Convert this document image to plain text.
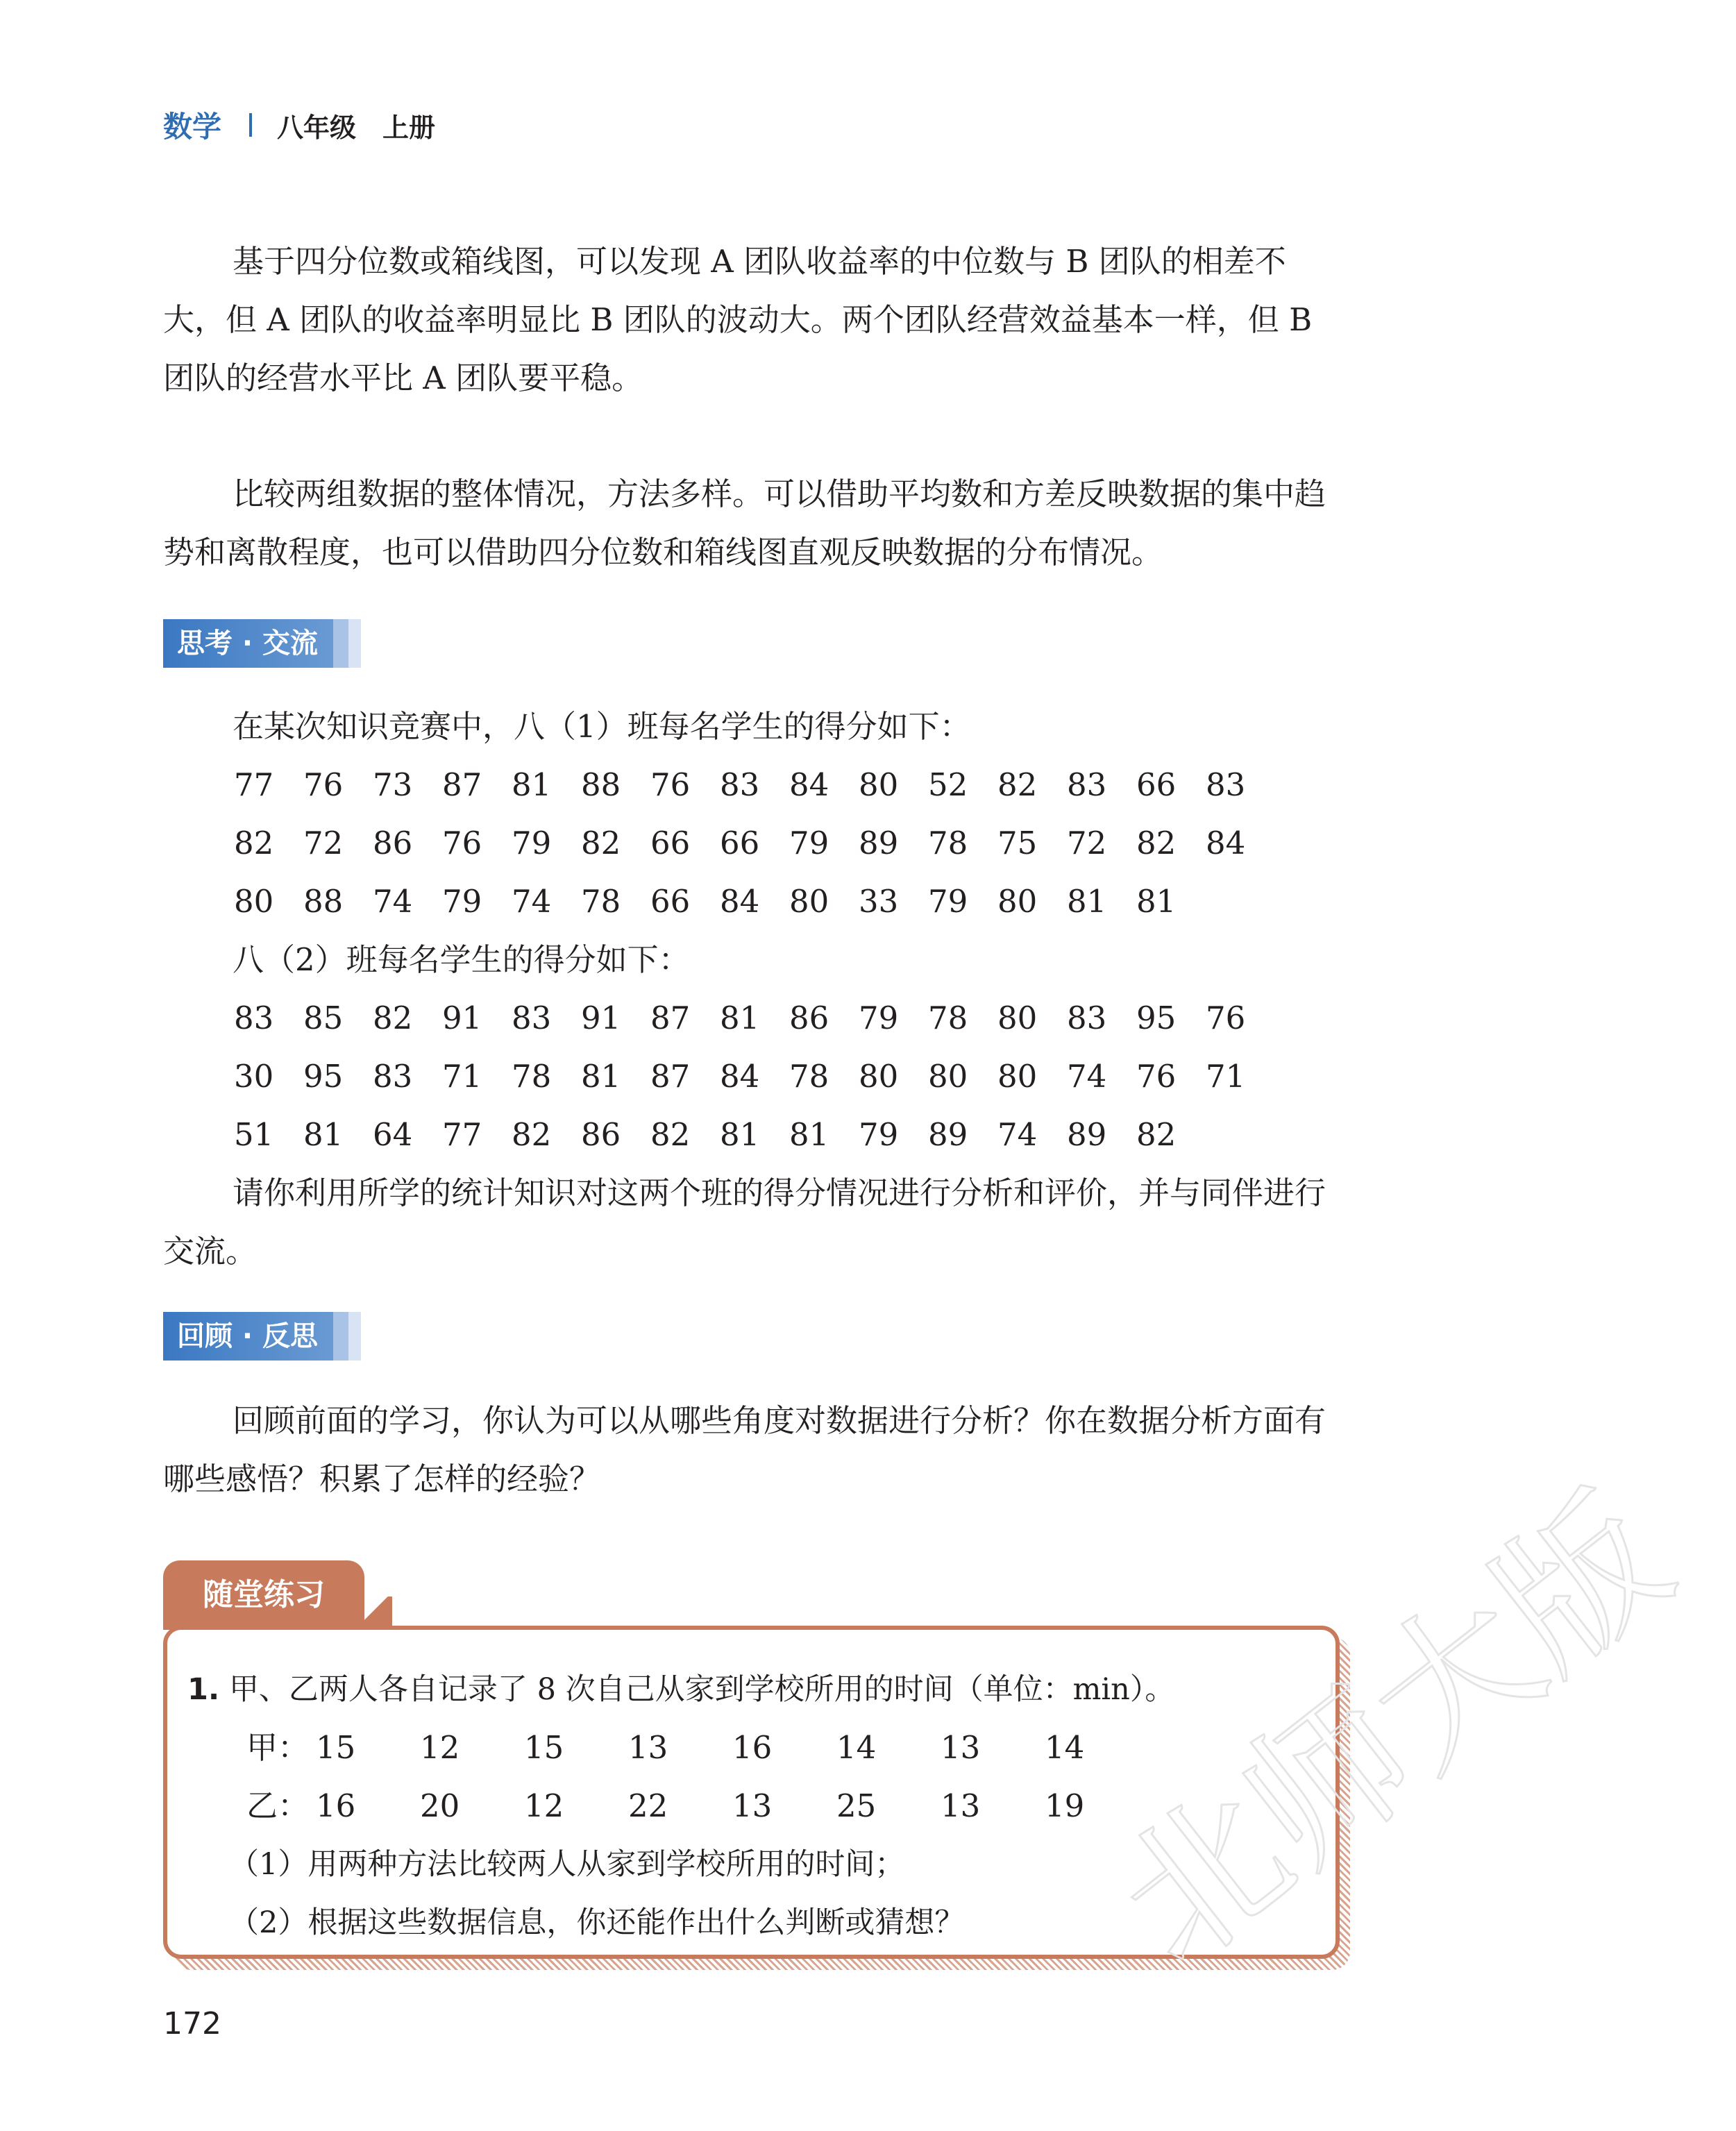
数学 八年级 上册

基于四分位数或箱线图，可以发现 A 团队收益率的中位数与 B 团队的相差不大，但 A 团队的收益率明显比 B 团队的波动大。两个团队经营效益基本一样，但 B 团队的经营水平比 A 团队要平稳。

比较两组数据的整体情况，方法多样。可以借助平均数和方差反映数据的集中趋势和离散程度，也可以借助四分位数和箱线图直观反映数据的分布情况。

思考 · 交流

在某次知识竞赛中，八（1）班每名学生的得分如下：

77 76 73 87 81 88 76 83 84 80 52 82 83 66 83
82 72 86 76 79 82 66 66 79 89 78 75 72 82 84
80 88 74 79 74 78 66 84 80 33 79 80 81 81

八（2）班每名学生的得分如下：

83 85 82 91 83 91 87 81 86 79 78 80 83 95 76
30 95 83 71 78 81 87 84 78 80 80 80 74 76 71
51 81 64 77 82 86 82 81 81 79 89 74 89 82

请你利用所学的统计知识对这两个班的得分情况进行分析和评价，并与同伴进行交流。

回顾 · 反思

回顾前面的学习，你认为可以从哪些角度对数据进行分析？你在数据分析方面有哪些感悟？积累了怎样的经验？

随堂练习
1. 甲、乙两人各自记录了 8 次自己从家到学校所用的时间（单位：min）。
甲： 15	12	15	13	16	14	13	14
乙： 16	20	12	22	13	25	13	19
（1）用两种方法比较两人从家到学校所用的时间；
（2）根据这些数据信息，你还能作出什么判断或猜想？
172
北师大版
